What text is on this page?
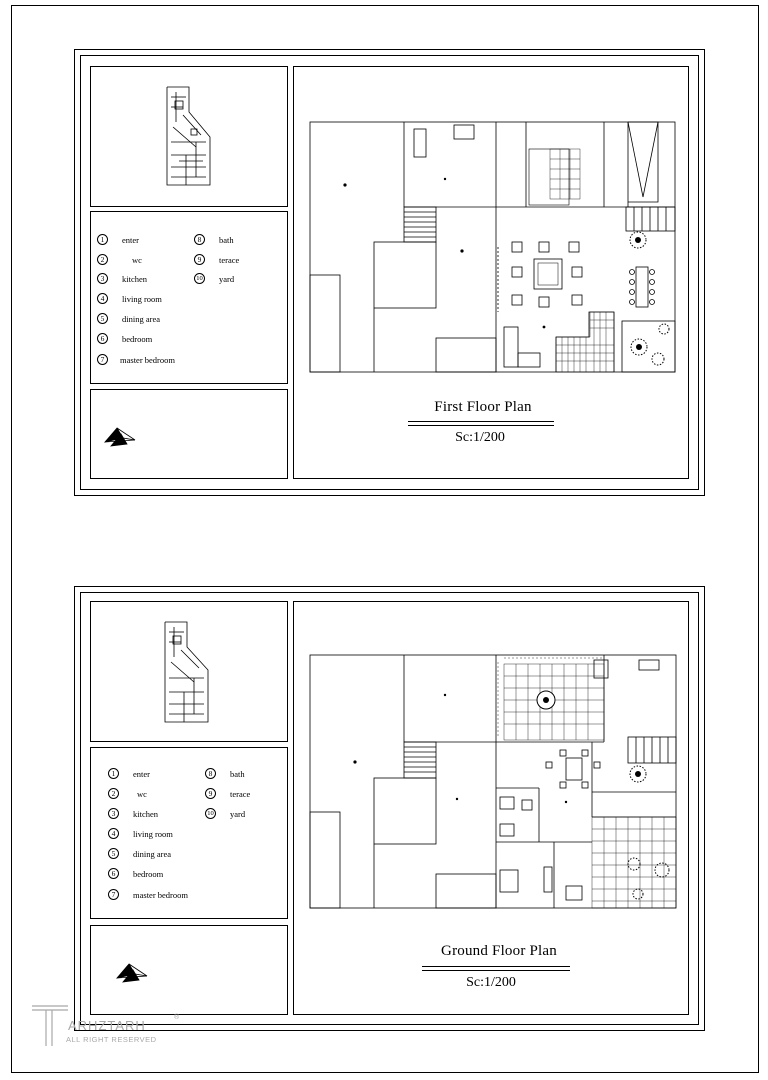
1	enter
2	wc
3	kitchen
4	living room
5	dining area
6	bedroom
7	master bedroom
8	bath
9	terace
10 yard
First Floor Plan
Sc:1/200
1	enter
2	wc
3	kitchen
4	living room
5	dining area
6	bedroom
7	master bedroom
8	bath
9	terace
10 yard
Ground Floor Plan
Sc:1/200
ARHZTARH
®
ALL RIGHT RESERVED
